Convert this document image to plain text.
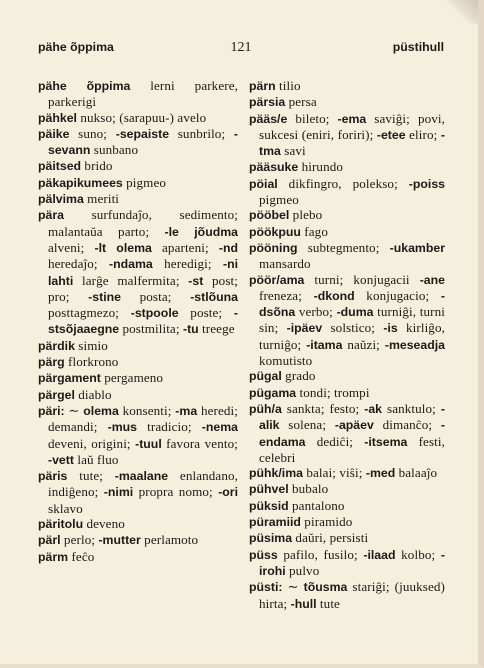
pähe õppima	121	püstihull

pähe õppima lerni parkere, parkerigi

pähkel nukso; (sarapuu-) avelo

päike suno; -sepaiste sunbrilo; -sevann sunbano

päitsed brido

päkapikumees pigmeo

pälvima meriti

pära surfundaĵo, sedimento; malantaŭa parto; -le jõudma alveni; -lt olema aparteni; -nd heredaĵo; -ndama heredigi; -ni lahti larĝe malfermita; -st post; pro; -stine posta; -stlõuna posttagmezo; -stpoole poste; -stsõjaaegne postmilita; -tu treege

pärdik simio

pärg florkrono

pärgament pergameno

pärgel diablo

päri: ∼ olema konsenti; -ma heredi; demandi; -mus tradicio; -nema deveni, origini; -tuul favora vento; -vett laŭ fluo

päris tute; -maalane enlandano, indiĝeno; -nimi propra nomo; -ori sklavo

päritolu deveno

pärl perlo; -mutter perlamoto

pärm feĉo

pärn tilio

pärsia persa

pääs/e bileto; -ema saviĝi; povi, sukcesi (eniri, foriri); -etee eliro; -tma savi

pääsuke hirundo

pöial dikfingro, polekso; -poiss pigmeo

pööbel plebo

pöökpuu fago

pööning subtegmento; -ukamber mansardo

pöör/ama turni; konjugacii -ane freneza; -dkond konjugacio; -dsõna verbo; -duma turniĝi, turni sin; -ipäev solstico; -is kirliĝo, turniĝo; -itama naŭzi; -meseadja komutisto

pügal grado

pügama tondi; trompi

püh/a sankta; festo; -ak sanktulo; -alik solena; -apäev dimanĉo; -endama dediĉi; -itsema festi, celebri

pühk/ima balai; viŝi; -med balaaĵo

pühvel bubalo

püksid pantalono

püramiid piramido

püsima daŭri, persisti

püss pafilo, fusilo; -ilaad kolbo; -irohi pulvo

püsti: ∼ tõusma stariĝi; (juuksed) hirta; -hull tute
